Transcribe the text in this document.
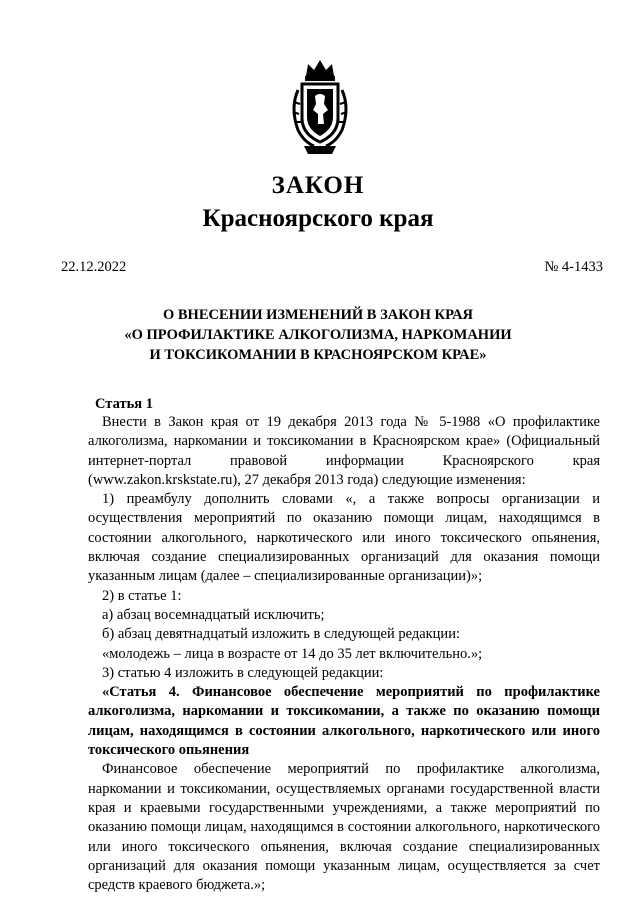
ЗАКОН
Красноярского края
22.12.2022	№ 4-1433
О ВНЕСЕНИИ ИЗМЕНЕНИЙ В ЗАКОН КРАЯ
«О ПРОФИЛАКТИКЕ АЛКОГОЛИЗМА, НАРКОМАНИИ
И ТОКСИКОМАНИИ В КРАСНОЯРСКОМ КРАЕ»
Статья 1

Внести в Закон края от 19 декабря 2013 года № 5-1988 «О профилактике алкоголизма, наркомании и токсикомании в Красноярском крае» (Официальный интернет-портал правовой информации Красноярского края (www.zakon.krskstate.ru), 27 декабря 2013 года) следующие изменения:

1) преамбулу дополнить словами «, а также вопросы организации и осуществления мероприятий по оказанию помощи лицам, находящимся в состоянии алкогольного, наркотического или иного токсического опьянения, включая создание специализированных организаций для оказания помощи указанным лицам (далее – специализированные организации)»;

2) в статье 1:

а) абзац восемнадцатый исключить;

б) абзац девятнадцатый изложить в следующей редакции:

«молодежь – лица в возрасте от 14 до 35 лет включительно.»;

3) статью 4 изложить в следующей редакции:

«Статья 4. Финансовое обеспечение мероприятий по профилактике алкоголизма, наркомании и токсикомании, а также по оказанию помощи лицам, находящимся в состоянии алкогольного, наркотического или иного токсического опьянения

Финансовое обеспечение мероприятий по профилактике алкоголизма, наркомании и токсикомании, осуществляемых органами государственной власти края и краевыми государственными учреждениями, а также мероприятий по оказанию помощи лицам, находящимся в состоянии алкогольного, наркотического или иного токсического опьянения, включая создание специализированных организаций для оказания помощи указанным лицам, осуществляется за счет средств краевого бюджета.»;
